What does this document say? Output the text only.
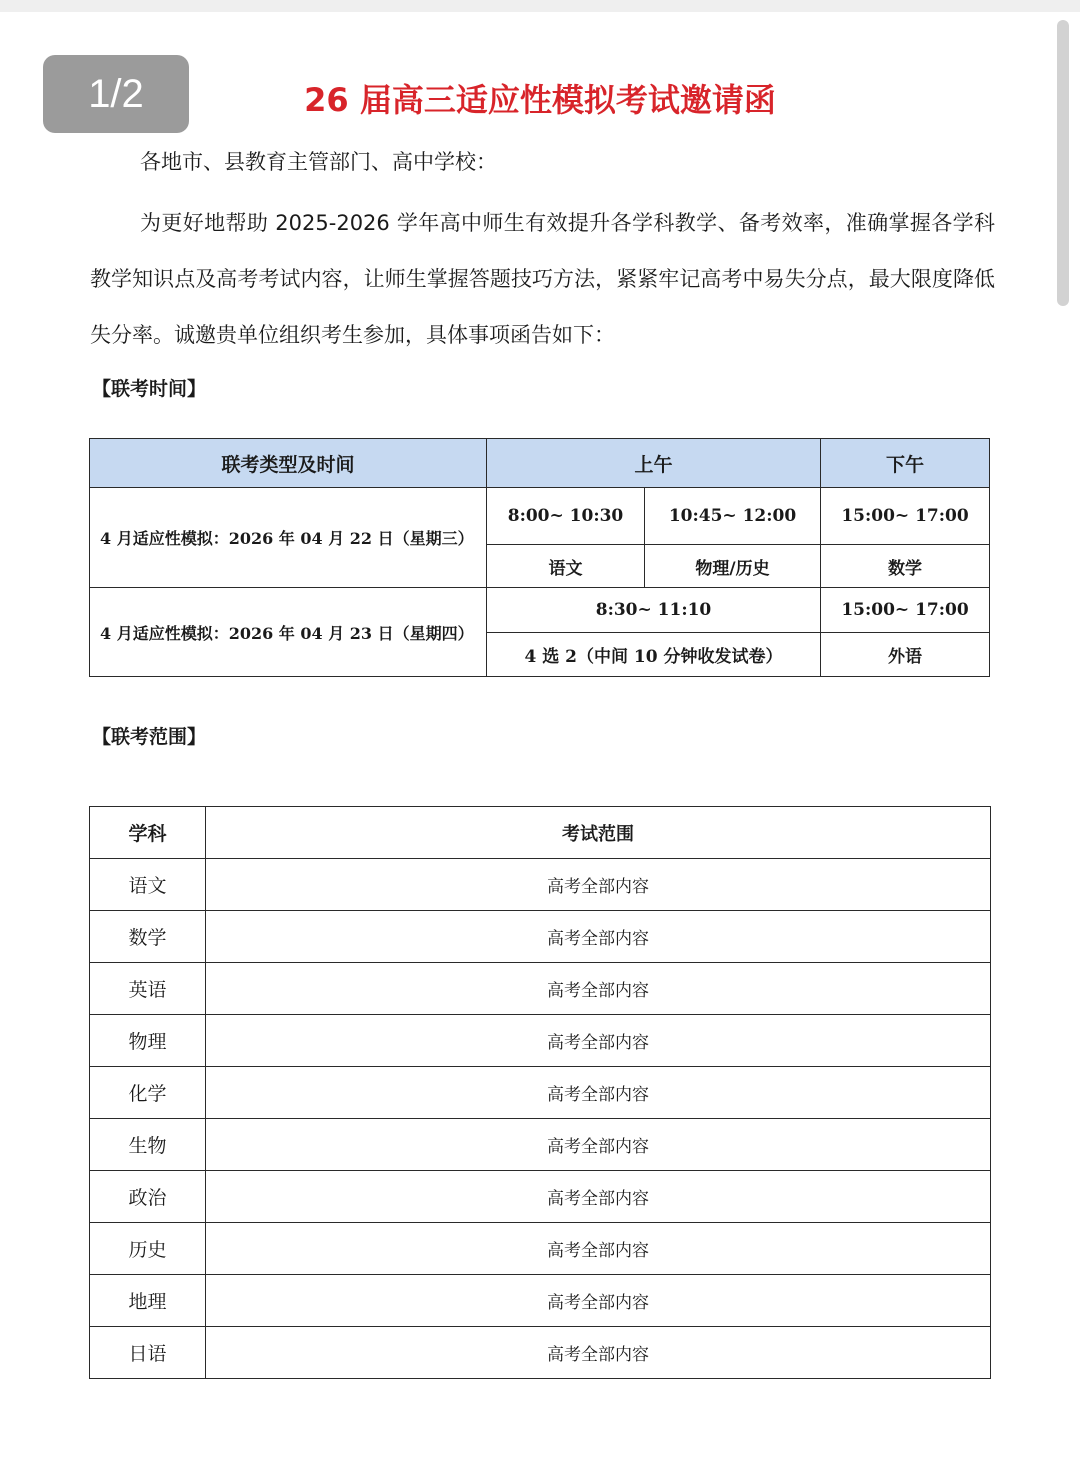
1/2	26 届高三适应性模拟考试邀请函
各地市、县教育主管部门、高中学校：

为更好地帮助 2025-2026 学年高中师生有效提升各学科教学、备考效率，准确掌握各学科教学知识点及高考考试内容，让师生掌握答题技巧方法，紧紧牢记高考中易失分点，最大限度降低失分率。诚邀贵单位组织考生参加，具体事项函告如下：

【联考时间】
联考类型及时间	上午		下午
4 月适应性模拟：2026 年 04 月 22 日（星期三）	8:00~ 10:30	10:45~ 12:00	15:00~ 17:00
	语文	物理/历史	数学
4 月适应性模拟：2026 年 04 月 23 日（星期四）	8:30~ 11:10		15:00~ 17:00
	4 选 2（中间 10 分钟收发试卷）		外语
【联考范围】
学科	考试范围
语文	高考全部内容
数学	高考全部内容
英语	高考全部内容
物理	高考全部内容
化学	高考全部内容
生物	高考全部内容
政治	高考全部内容
历史	高考全部内容
地理	高考全部内容
日语	高考全部内容
